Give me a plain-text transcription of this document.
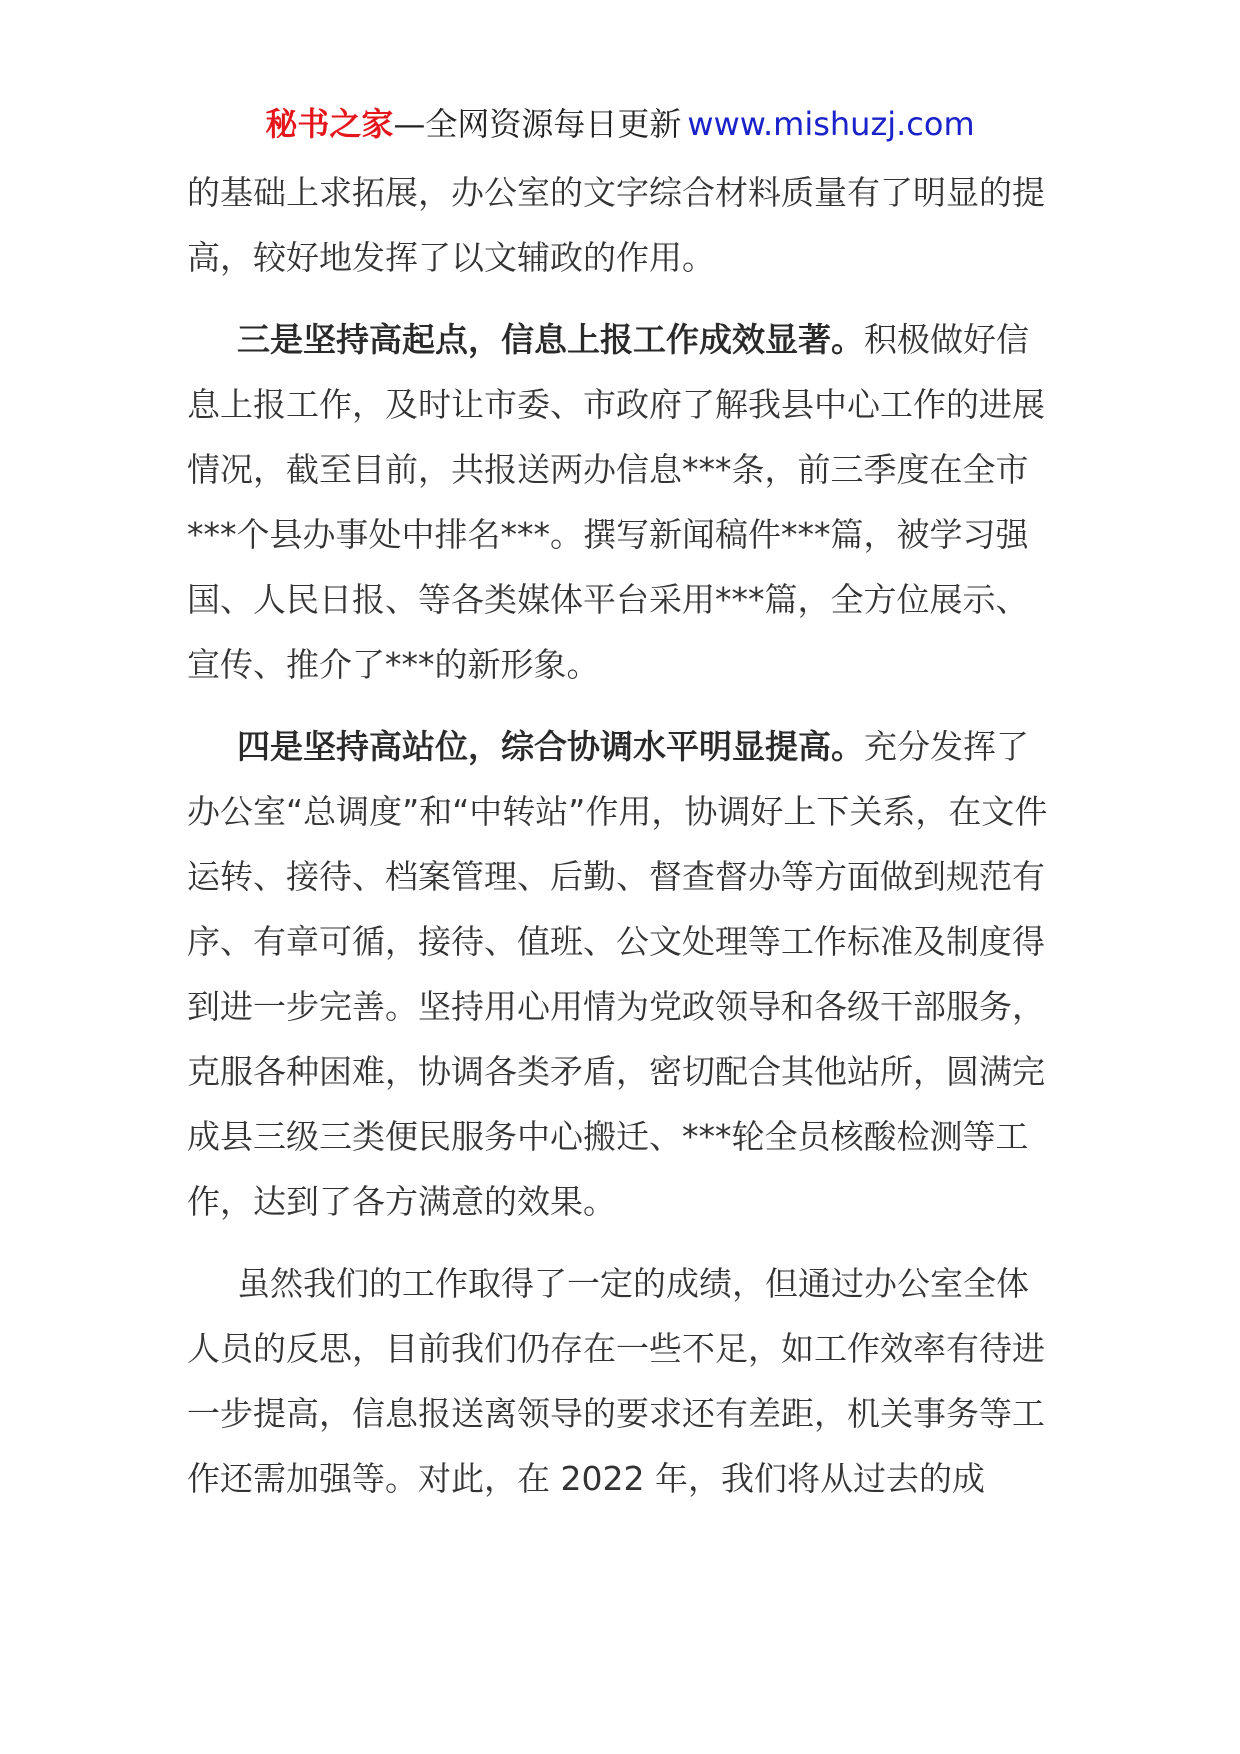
秘书之家—全网资源每日更新 www.mishuzj.com

的基础上求拓展，办公室的文字综合材料质量有了明显的提高，较好地发挥了以文辅政的作用。

三是坚持高起点，信息上报工作成效显著。积极做好信息上报工作，及时让市委、市政府了解我县中心工作的进展情况，截至目前，共报送两办信息***条，前三季度在全市***个县办事处中排名***。撰写新闻稿件***篇，被学习强国、人民日报、等各类媒体平台采用***篇，全方位展示、宣传、推介了***的新形象。

四是坚持高站位，综合协调水平明显提高。充分发挥了办公室“总调度”和“中转站”作用，协调好上下关系，在文件运转、接待、档案管理、后勤、督查督办等方面做到规范有序、有章可循，接待、值班、公文处理等工作标准及制度得到进一步完善。坚持用心用情为党政领导和各级干部服务，克服各种困难，协调各类矛盾，密切配合其他站所，圆满完成县三级三类便民服务中心搬迁、***轮全员核酸检测等工作，达到了各方满意的效果。

虽然我们的工作取得了一定的成绩，但通过办公室全体人员的反思，目前我们仍存在一些不足，如工作效率有待进一步提高，信息报送离领导的要求还有差距，机关事务等工作还需加强等。对此，在 2022 年，我们将从过去的成
